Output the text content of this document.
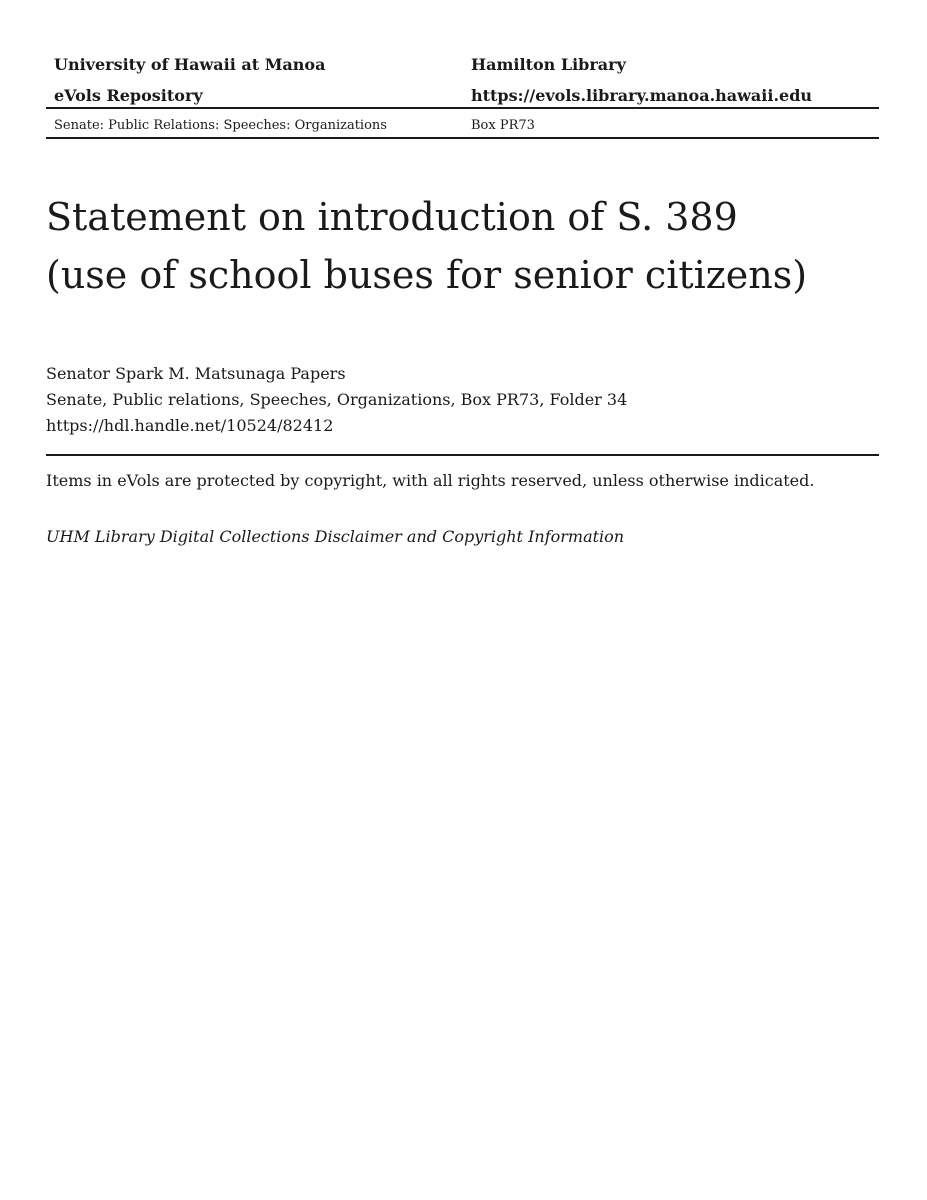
University of Hawaii at Manoa
eVols Repository
Hamilton Library
https://evols.library.manoa.hawaii.edu
Senate: Public Relations: Speeches: Organizations	Box PR73
Statement on introduction of S. 389
(use of school buses for senior citizens)
Senator Spark M. Matsunaga Papers
Senate, Public relations, Speeches, Organizations, Box PR73, Folder 34
https://hdl.handle.net/10524/82412
Items in eVols are protected by copyright, with all rights reserved, unless otherwise indicated.
UHM Library Digital Collections Disclaimer and Copyright Information
